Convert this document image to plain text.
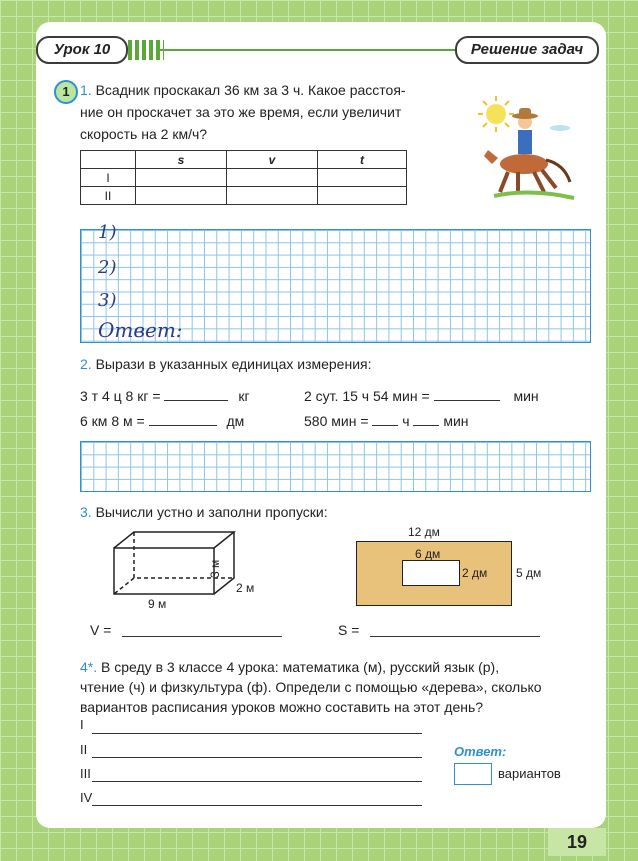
Урок 10	Решение задач
1 1. Всадник проскакал 36 км за 3 ч. Какое расстоя-
ние он проскачет за это же время, если увеличит
скорость на 2 км/ч?
	s	v	t
I			
II			
1)
2)
3)
Ответ:
2. Вырази в указанных единицах измерения:
3 т 4 ц 8 кг =	кг	2 сут. 15 ч 54 мин =	мин
6 км 8 м =	дм	580 мин = ч мин
3. Вычисли устно и заполни пропуски:
9 м
2 м
3 м
12 дм
6 дм
2 дм 5 дм
V =	S =
4*. В среду в 3 классе 4 урока: математика (м), русский язык (р),
чтение (ч) и физкультура (ф). Определи с помощью «дерева», сколько
вариантов расписания уроков можно составить на этот день?
I
II
III
IV
Ответ:
вариантов
19
